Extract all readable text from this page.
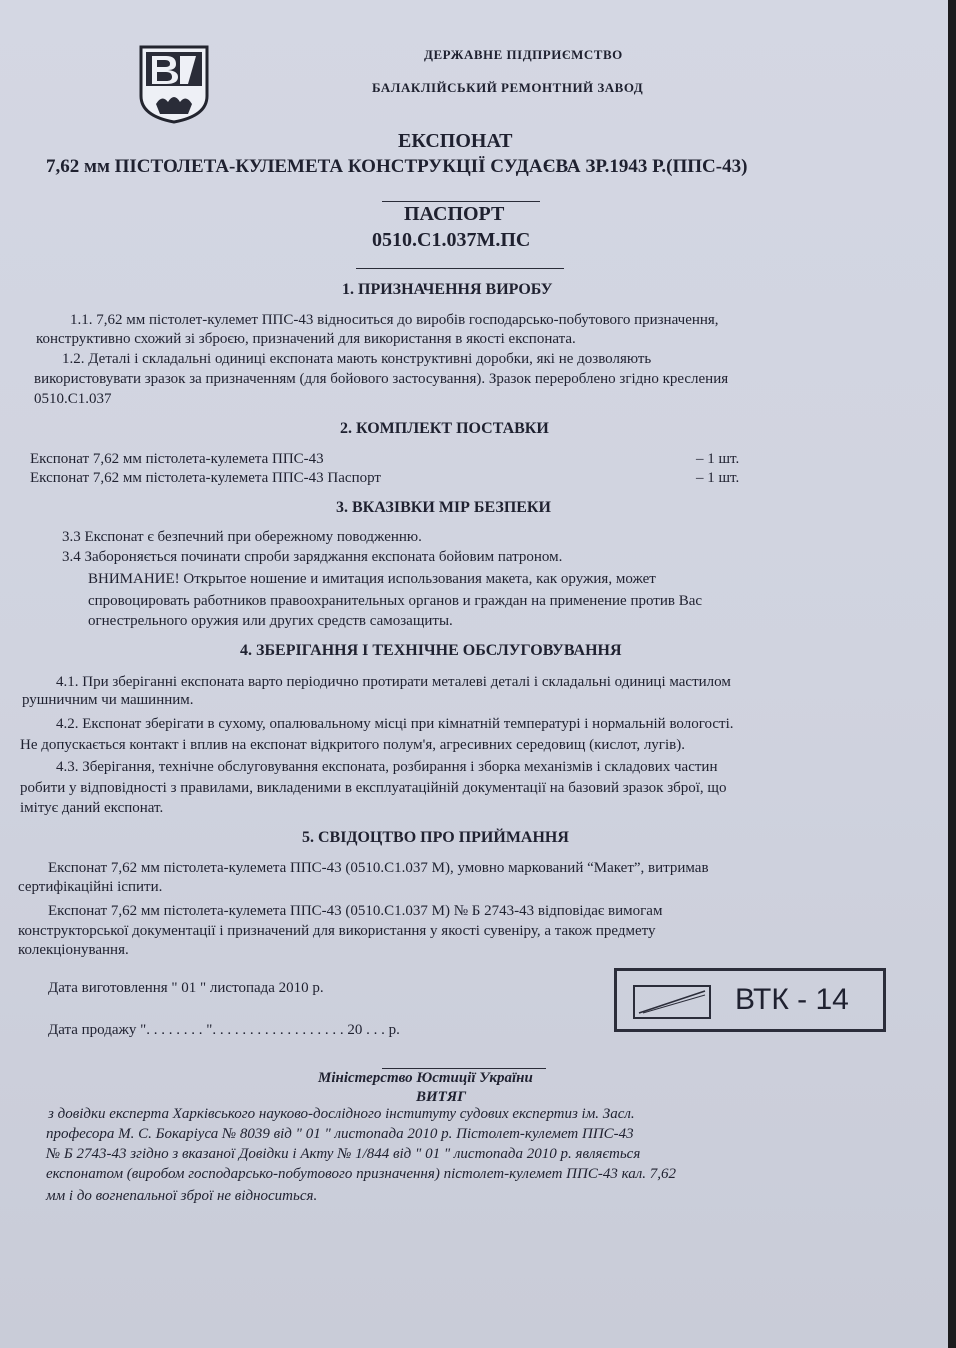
ДЕРЖАВНЕ ПІДПРИЄМСТВО
БАЛАКЛІЙСЬКИЙ РЕМОНТНИЙ ЗАВОД
ЕКСПОНАТ
7,62 мм ПІСТОЛЕТА-КУЛЕМЕТА КОНСТРУКЦІЇ СУДАЄВА ЗР.1943 Р.(ППС-43)
ПАСПОРТ
0510.С1.037М.ПС
1. ПРИЗНАЧЕННЯ ВИРОБУ
1.1. 7,62 мм пістолет-кулемет ППС-43 відноситься до виробів господарсько-побутового призначення,
конструктивно схожий зі зброєю, призначений для використання в якості експоната.
1.2. Деталі і складальні одиниці експоната мають конструктивні доробки, які не дозволяють
використовувати зразок за призначенням (для бойового застосування). Зразок перероблено згідно кресления
0510.С1.037
2. КОМПЛЕКТ ПОСТАВКИ
Експонат 7,62 мм пістолета-кулемета ППС-43	– 1 шт.
Експонат 7,62 мм пістолета-кулемета ППС-43 Паспорт	– 1 шт.
3. ВКАЗІВКИ МІР БЕЗПЕКИ
3.3 Експонат є безпечний при обережному поводженню.
3.4 Забороняється починати спроби заряджання експоната бойовим патроном.
ВНИМАНИЕ! Открытое ношение и имитация использования макета, как оружия, может
спровоцировать работников правоохранительных органов и граждан на применение против Вас
огнестрельного оружия или других средств самозащиты.
4. ЗБЕРІГАННЯ І ТЕХНІЧНЕ ОБСЛУГОВУВАННЯ
4.1. При зберіганні експоната варто періодично протирати металеві деталі і складальні одиниці мастилом
рушничним чи машинним.
4.2. Експонат зберігати в сухому, опалювальному місці при кімнатній температурі і нормальній вологості.
Не допускається контакт і вплив на експонат відкритого полум'я, агресивних середовищ (кислот, лугів).
4.3. Зберігання, технічне обслуговування експоната, розбирання і зборка механізмів і складових частин
робити у відповідності з правилами, викладеними в експлуатаційній документації на базовий зразок зброї, що
імітує даний експонат.
5. СВІДОЦТВО ПРО ПРИЙМАННЯ
Експонат 7,62 мм пістолета-кулемета ППС-43 (0510.С1.037 М), умовно маркований “Макет”, витримав
сертифікаційні іспити.
Експонат 7,62 мм пістолета-кулемета ППС-43 (0510.С1.037 М) № Б 2743-43 відповідає вимогам
конструкторської документації і призначений для використання у якості сувеніру, а також предмету
колекціонування.
Дата виготовлення " 01 " листопада 2010 р.
Дата продажу ". . . . . . . . ". . . . . . . . . . . . . . . . . . 20 . . . р.
ВТК - 14
Міністерство Юстиції України
ВИТЯГ
з довідки експерта Харківського науково-дослідного інституту судових експертиз ім. Засл.
професора М. С. Бокаріуса № 8039 від " 01 " листопада 2010 р. Пістолет-кулемет ППС-43
№ Б 2743-43 згідно з вказаної Довідки і Акту № 1/844 від " 01 " листопада 2010 р. являється
експонатом (виробом господарсько-побутового призначення) пістолет-кулемет ППС-43 кал. 7,62
мм і до вогнепальної зброї не відноситься.
